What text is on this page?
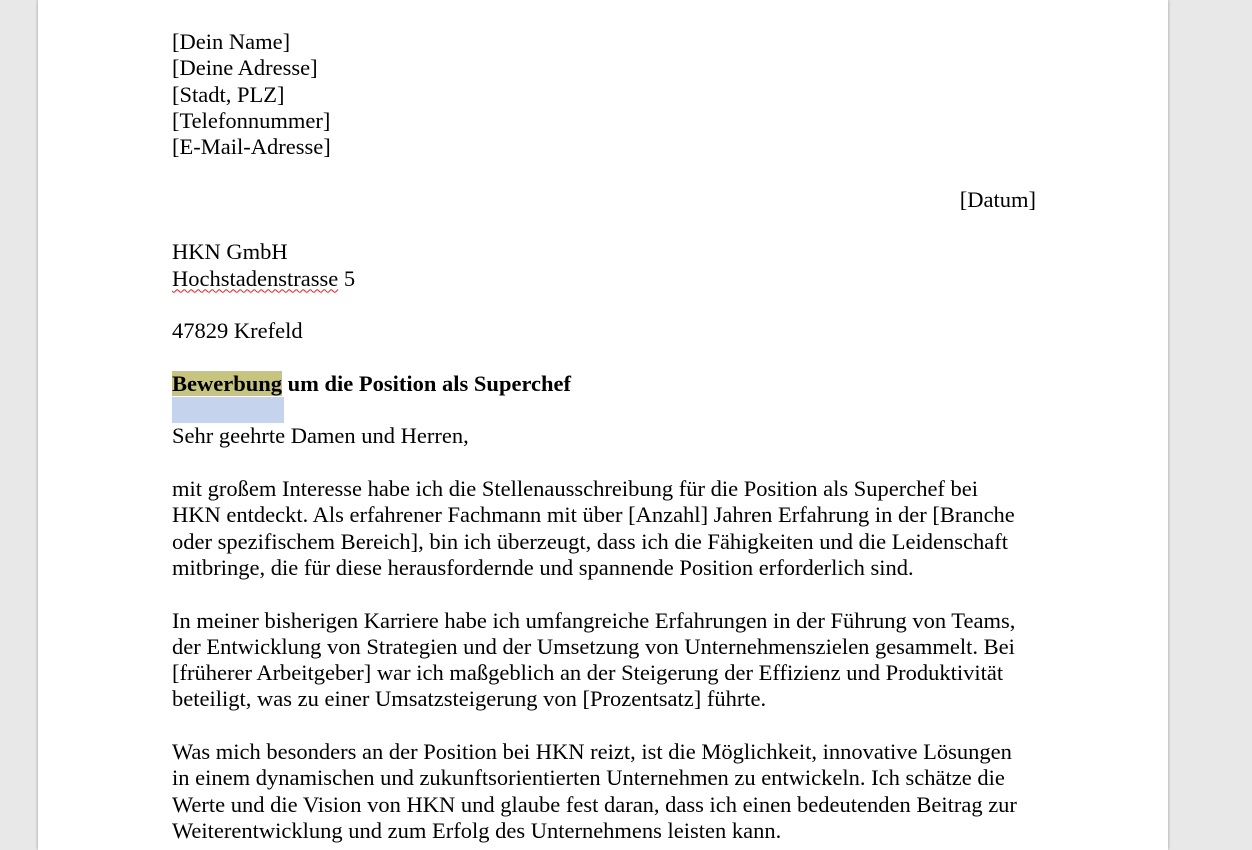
[Dein Name]
[Deine Adresse]
[Stadt, PLZ]
[Telefonnummer]
[E-Mail-Adresse]
[Datum]
HKN GmbH
Hochstadenstrasse 5
47829 Krefeld
Bewerbung um die Position als Superchef
Sehr geehrte Damen und Herren,
mit großem Interesse habe ich die Stellenausschreibung für die Position als Superchef bei
HKN entdeckt. Als erfahrener Fachmann mit über [Anzahl] Jahren Erfahrung in der [Branche
oder spezifischem Bereich], bin ich überzeugt, dass ich die Fähigkeiten und die Leidenschaft
mitbringe, die für diese herausfordernde und spannende Position erforderlich sind.
In meiner bisherigen Karriere habe ich umfangreiche Erfahrungen in der Führung von Teams,
der Entwicklung von Strategien und der Umsetzung von Unternehmenszielen gesammelt. Bei
[früherer Arbeitgeber] war ich maßgeblich an der Steigerung der Effizienz und Produktivität
beteiligt, was zu einer Umsatzsteigerung von [Prozentsatz] führte.
Was mich besonders an der Position bei HKN reizt, ist die Möglichkeit, innovative Lösungen
in einem dynamischen und zukunftsorientierten Unternehmen zu entwickeln. Ich schätze die
Werte und die Vision von HKN und glaube fest daran, dass ich einen bedeutenden Beitrag zur
Weiterentwicklung und zum Erfolg des Unternehmens leisten kann.
